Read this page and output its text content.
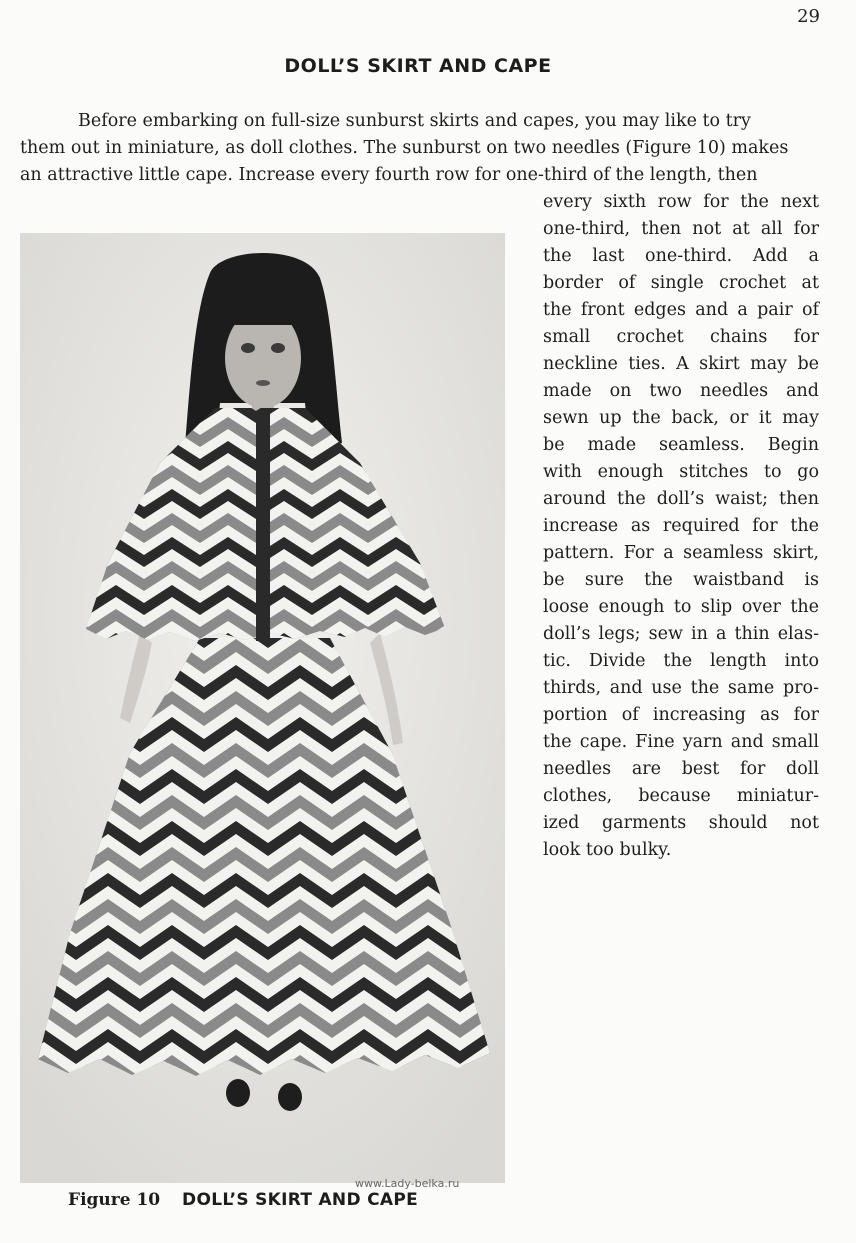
29
DOLL’S SKIRT AND CAPE

Before embarking on full-size sunburst skirts and capes, you may like to try
them out in miniature, as doll clothes. The sunburst on two needles (Figure 10) makes
an attractive little cape. Increase every fourth row for one-third of the length, then

every sixth row for the next
one-third, then not at all for
the last one-third. Add a
border of single crochet at
the front edges and a pair of
small crochet chains for
neckline ties. A skirt may be
made on two needles and
sewn up the back, or it may
be made seamless. Begin
with enough stitches to go
around the doll’s waist; then
increase as required for the
pattern. For a seamless skirt,
be sure the waistband is
loose enough to slip over the
doll’s legs; sew in a thin elas-
tic. Divide the length into
thirds, and use the same pro-
portion of increasing as for
the cape. Fine yarn and small
needles are best for doll
clothes, because miniatur-
ized garments should not
look too bulky.

www.Lady-belka.ru
Figure 10 DOLL’S SKIRT AND CAPE
